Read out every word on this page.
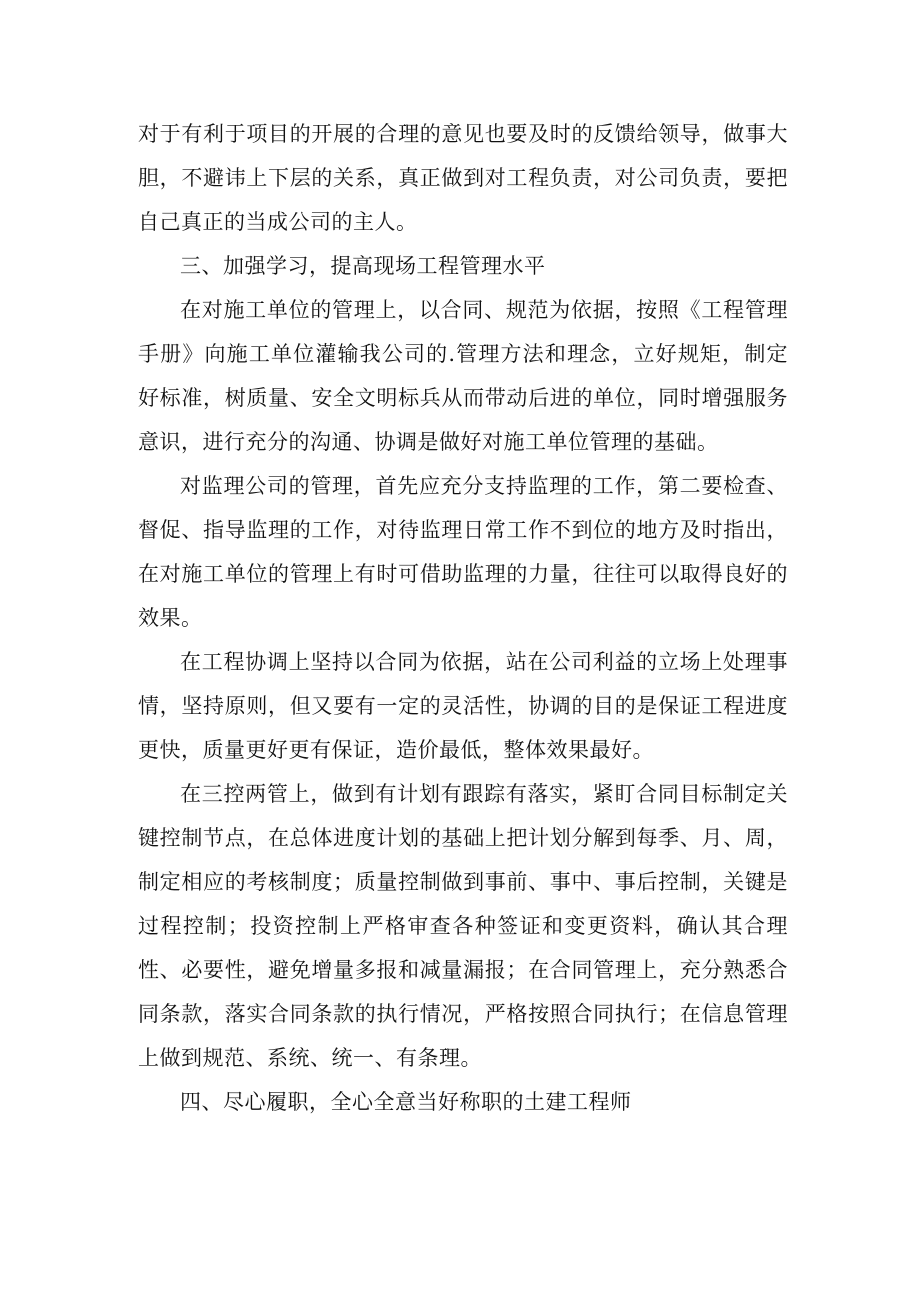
对于有利于项目的开展的合理的意见也要及时的反馈给领导，做事大胆，不避讳上下层的关系，真正做到对工程负责，对公司负责，要把自己真正的当成公司的主人。

三、加强学习，提高现场工程管理水平

在对施工单位的管理上，以合同、规范为依据，按照《工程管理手册》向施工单位灌输我公司的.管理方法和理念，立好规矩，制定好标准，树质量、安全文明标兵从而带动后进的单位，同时增强服务意识，进行充分的沟通、协调是做好对施工单位管理的基础。

对监理公司的管理，首先应充分支持监理的工作，第二要检查、督促、指导监理的工作，对待监理日常工作不到位的地方及时指出，在对施工单位的管理上有时可借助监理的力量，往往可以取得良好的效果。

在工程协调上坚持以合同为依据，站在公司利益的立场上处理事情，坚持原则，但又要有一定的灵活性，协调的目的是保证工程进度更快，质量更好更有保证，造价最低，整体效果最好。

在三控两管上，做到有计划有跟踪有落实，紧盯合同目标制定关键控制节点，在总体进度计划的基础上把计划分解到每季、月、周，制定相应的考核制度；质量控制做到事前、事中、事后控制，关键是过程控制；投资控制上严格审查各种签证和变更资料，确认其合理性、必要性，避免增量多报和减量漏报；在合同管理上，充分熟悉合同条款，落实合同条款的执行情况，严格按照合同执行；在信息管理上做到规范、系统、统一、有条理。

四、尽心履职，全心全意当好称职的土建工程师
